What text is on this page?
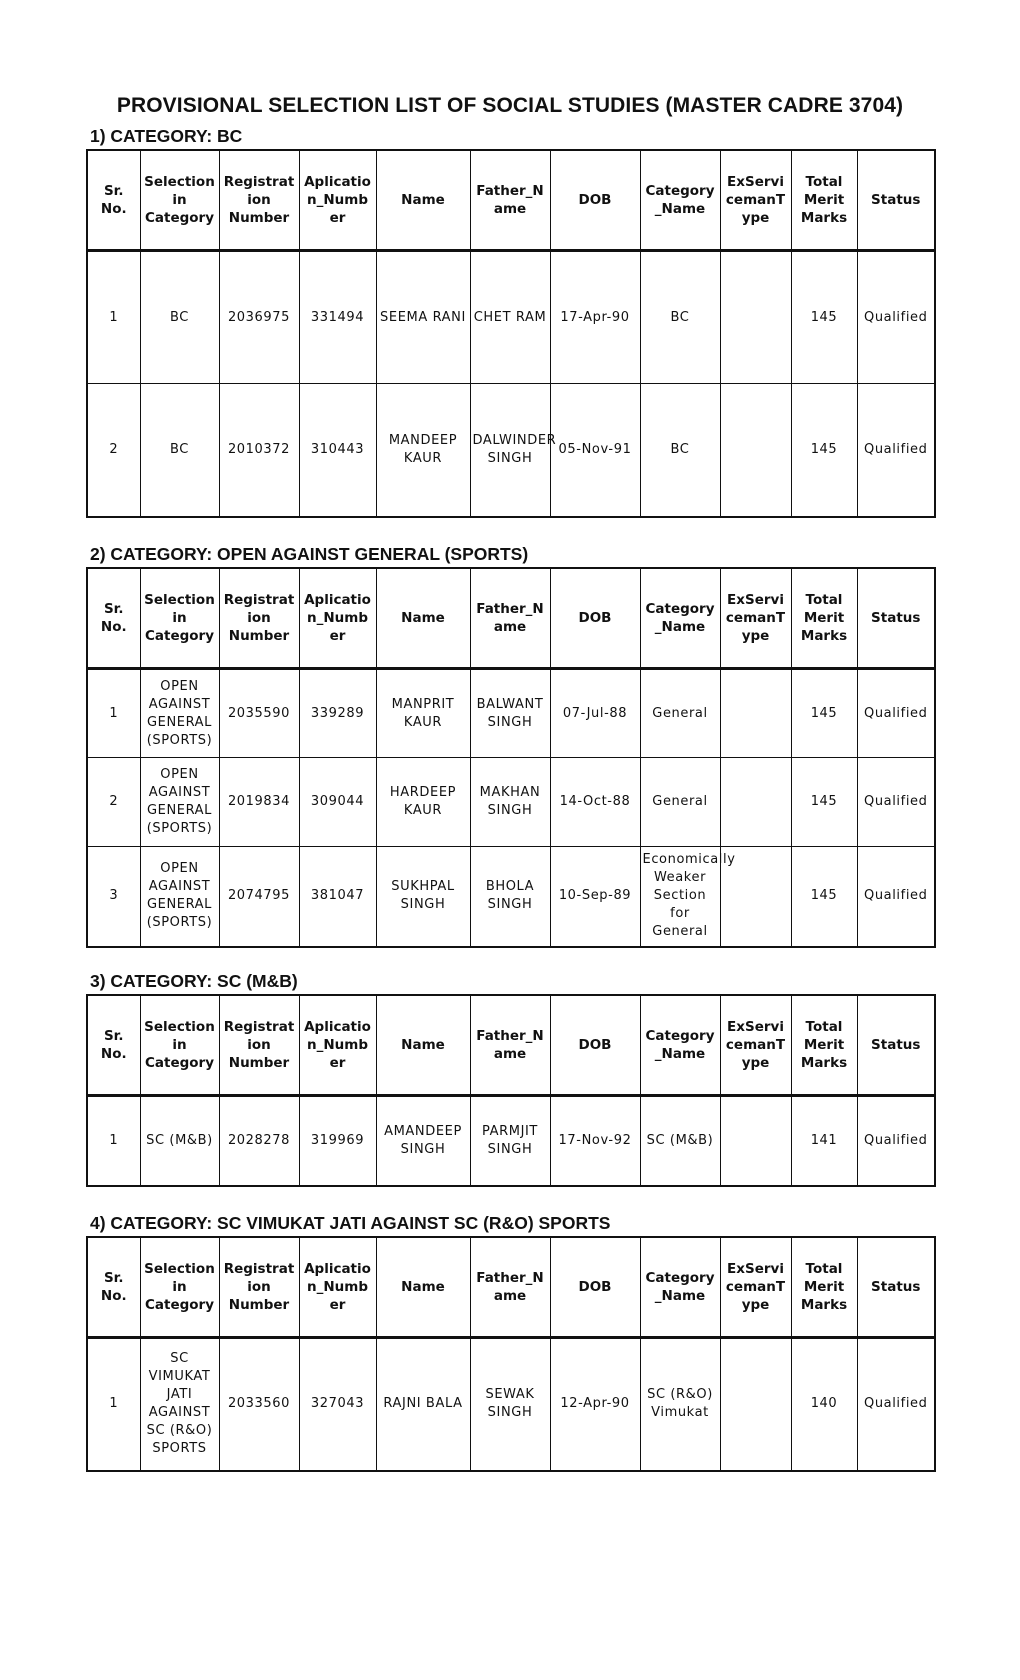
PROVISIONAL SELECTION LIST OF SOCIAL STUDIES (MASTER CADRE 3704)
1) CATEGORY: BC
Sr. No.	Selection in Category	Registrat ion Number	Aplicatio n_Numb er	Name	Father_N ame	DOB	Category _Name	ExServi cemanT ype	Total Merit Marks	Status
1	BC	2036975	331494	SEEMA RANI	CHET RAM	17-Apr-90	BC		145	Qualified
2	BC	2010372	310443	MANDEEP KAUR	DALWINDER SINGH	05-Nov-91	BC		145	Qualified
2) CATEGORY: OPEN AGAINST GENERAL (SPORTS)
Sr. No.	Selection in Category	Registrat ion Number	Aplicatio n_Numb er	Name	Father_N ame	DOB	Category _Name	ExServi cemanT ype	Total Merit Marks	Status
1	OPEN AGAINST GENERAL (SPORTS)	2035590	339289	MANPRIT KAUR	BALWANT SINGH	07-Jul-88	General		145	Qualified
2	OPEN AGAINST GENERAL (SPORTS)	2019834	309044	HARDEEP KAUR	MAKHAN SINGH	14-Oct-88	General		145	Qualified
3	OPEN AGAINST GENERAL (SPORTS)	2074795	381047	SUKHPAL SINGH	BHOLA SINGH	10-Sep-89	Economically Weaker Section for General		145	Qualified
3) CATEGORY: SC (M&B)
Sr. No.	Selection in Category	Registrat ion Number	Aplicatio n_Numb er	Name	Father_N ame	DOB	Category _Name	ExServi cemanT ype	Total Merit Marks	Status
1	SC (M&B)	2028278	319969	AMANDEEP SINGH	PARMJIT SINGH	17-Nov-92	SC (M&B)		141	Qualified
4) CATEGORY: SC VIMUKAT JATI AGAINST SC (R&O) SPORTS
Sr. No.	Selection in Category	Registrat ion Number	Aplicatio n_Numb er	Name	Father_N ame	DOB	Category _Name	ExServi cemanT ype	Total Merit Marks	Status
1	SC VIMUKAT JATI AGAINST SC (R&O) SPORTS	2033560	327043	RAJNI BALA	SEWAK SINGH	12-Apr-90	SC (R&O) Vimukat		140	Qualified
